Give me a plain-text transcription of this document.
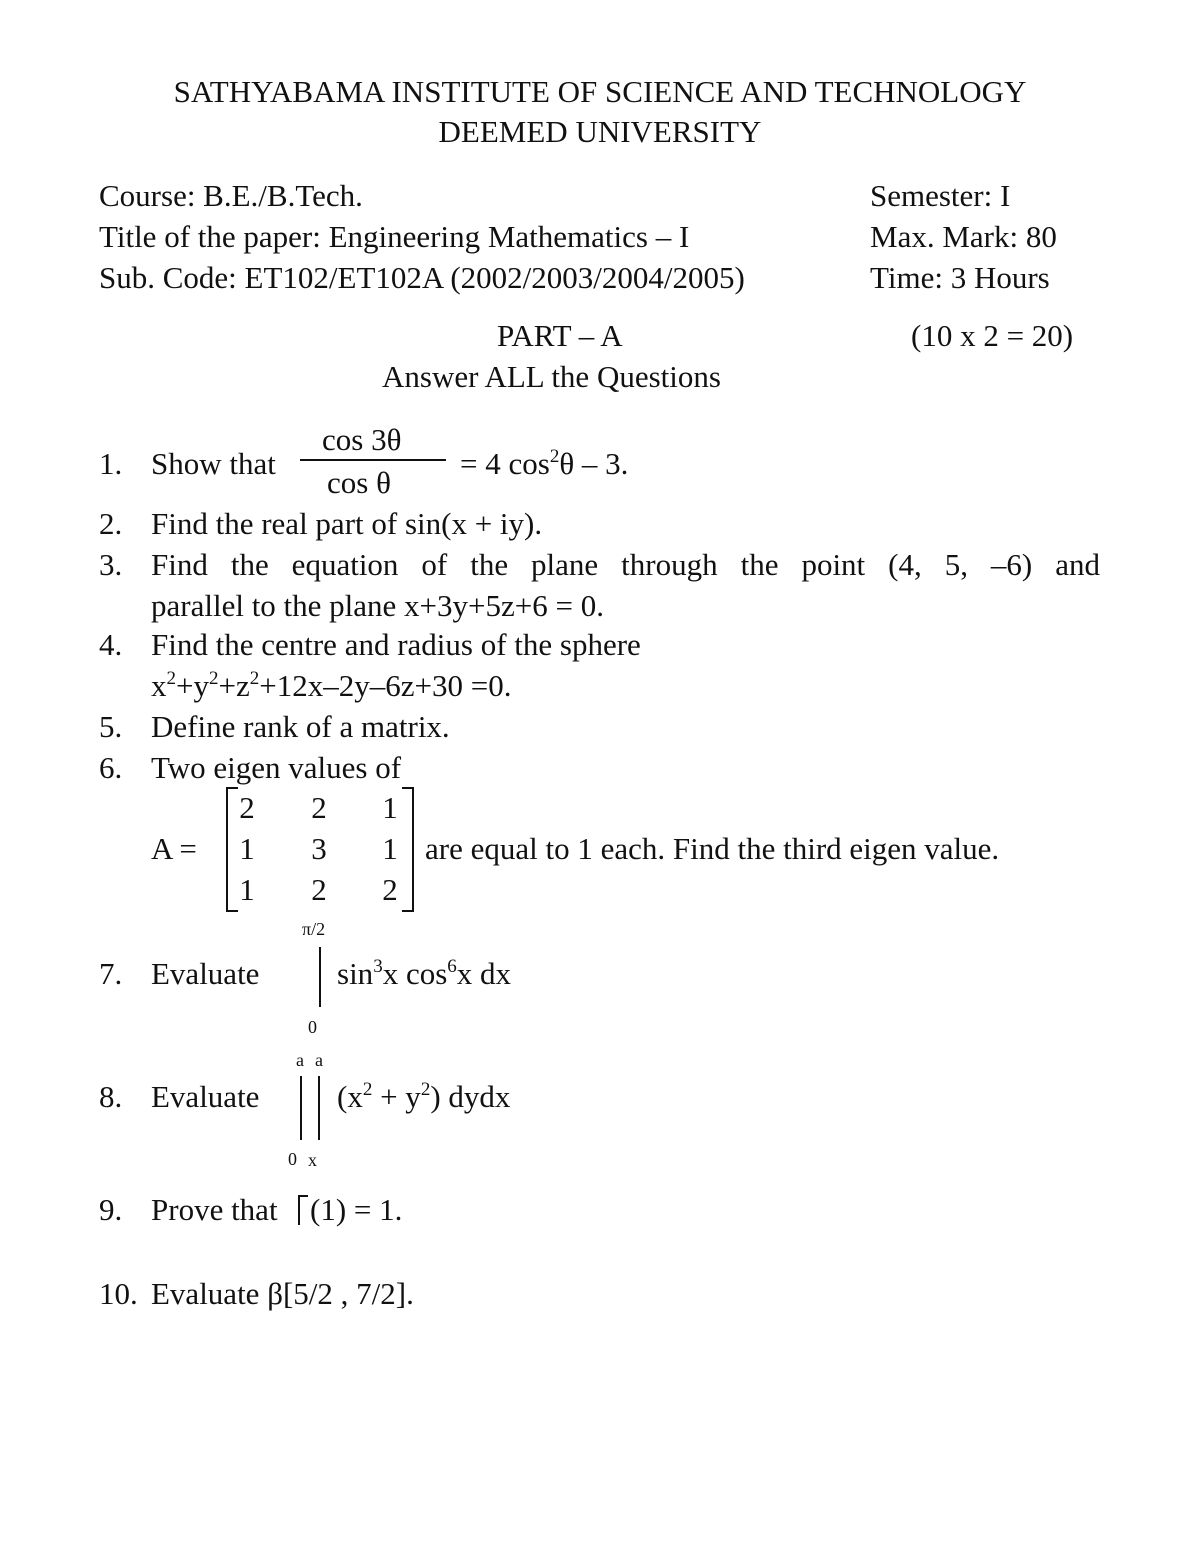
SATHYABAMA INSTITUTE OF SCIENCE AND TECHNOLOGY
DEEMED UNIVERSITY
Course: B.E./B.Tech.	Semester: I
Title of the paper: Engineering Mathematics – I	Max. Mark: 80
Sub. Code: ET102/ET102A (2002/2003/2004/2005)	Time: 3 Hours
PART – A	(10 x 2 = 20)
Answer ALL the Questions
1. Show that
cos 3θ
cos θ
= 4 $\cos^2\theta - 3$.
2. Find the real part of sin(x + iy).
3. Find the equation of the plane through the point (4, 5, –6) and
parallel to the plane x+3y+5z+6 = 0.
4. Find the centre and radius of the sphere
$x^2+y^2+z^2+12x-2y-6z+30 =0$.
5. Define rank of a matrix.
6. Two eigen values of
A =
2 2 1
1 3 1
1 2 2
are equal to 1 each. Find the third eigen value.
7. Evaluate
π/2
0
$\sin^3x$ $\cos^6x$ dx
8. Evaluate
a a
0 x
$(x^2 + y^2)$ dydx
9. Prove that (1) = 1.
10. Evaluate β[5/2 , 7/2].
